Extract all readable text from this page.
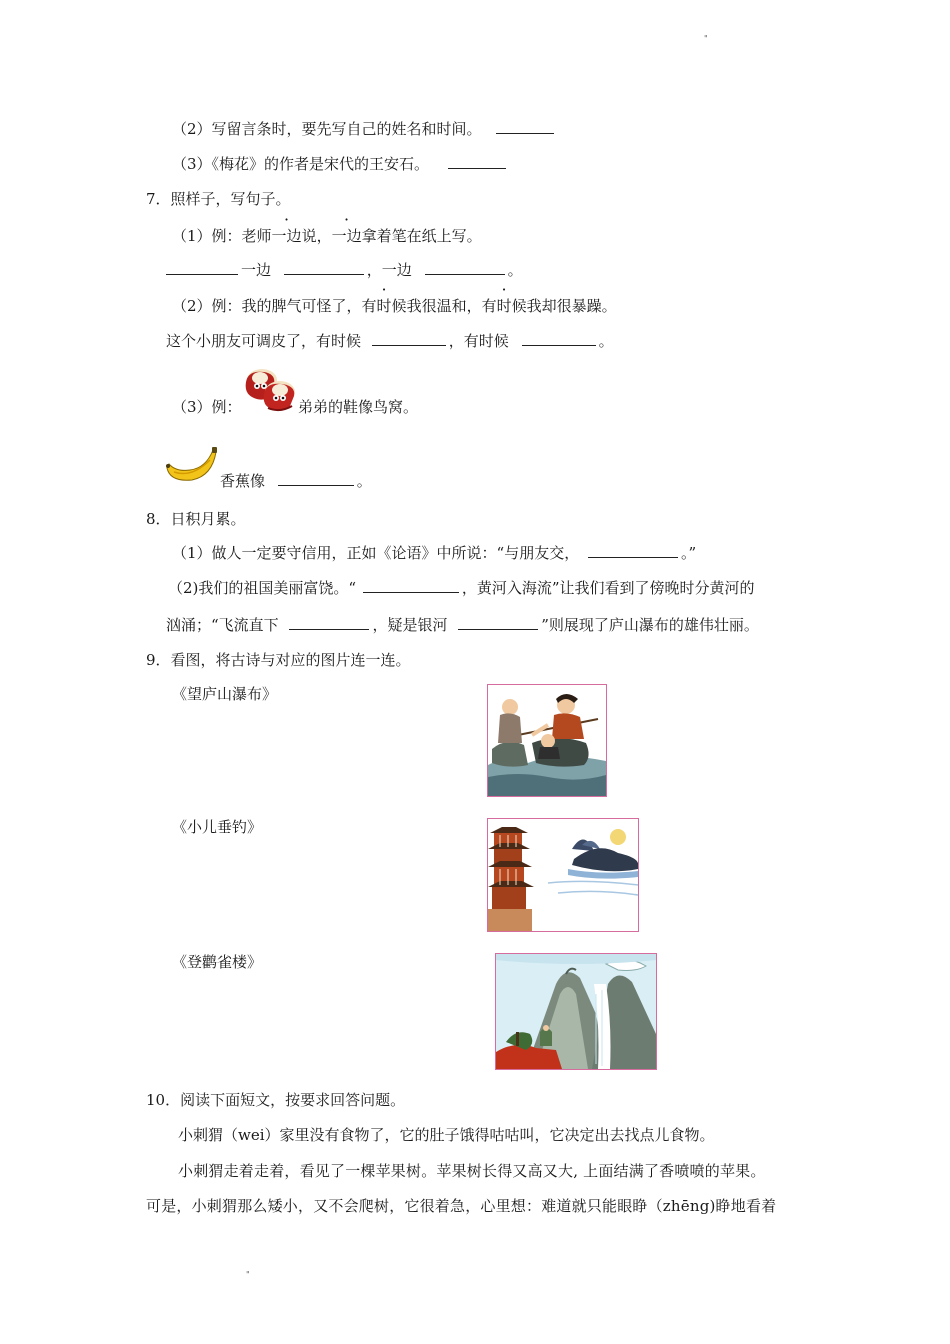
"
（2）写留言条时，要先写自己的姓名和时间。
（3）《梅花》的作者是宋代的王安石。
7．照样子，写句子。
（1）例：老师一边说，一边拿着笔在纸上写。
一边	，一边	。
（2）例：我的脾气可怪了，有时候我很温和，有时候我却很暴躁。
这个小朋友可调皮了，有时候	，有时候	。
（3）例：	弟弟的鞋像鸟窝。
香蕉像	。
8．日积月累。
（1）做人一定要守信用，正如《论语》中所说：“与朋友交，	。”
（2)我们的祖国美丽富饶。“	，黄河入海流”让我们看到了傍晚时分黄河的
汹涌；“飞流直下	，疑是银河	”则展现了庐山瀑布的雄伟壮丽。
9．看图，将古诗与对应的图片连一连。
《望庐山瀑布》
《小儿垂钓》
《登鹳雀楼》
10．阅读下面短文，按要求回答问题。
小刺猬（wei）家里没有食物了，它的肚子饿得咕咕叫，它决定出去找点儿食物。
小刺猬走着走着，看见了一棵苹果树。苹果树长得又高又大, 上面结满了香喷喷的苹果。
可是，小刺猬那么矮小，又不会爬树，它很着急，心里想：难道就只能眼睁（zhēng)睁地看着
"
